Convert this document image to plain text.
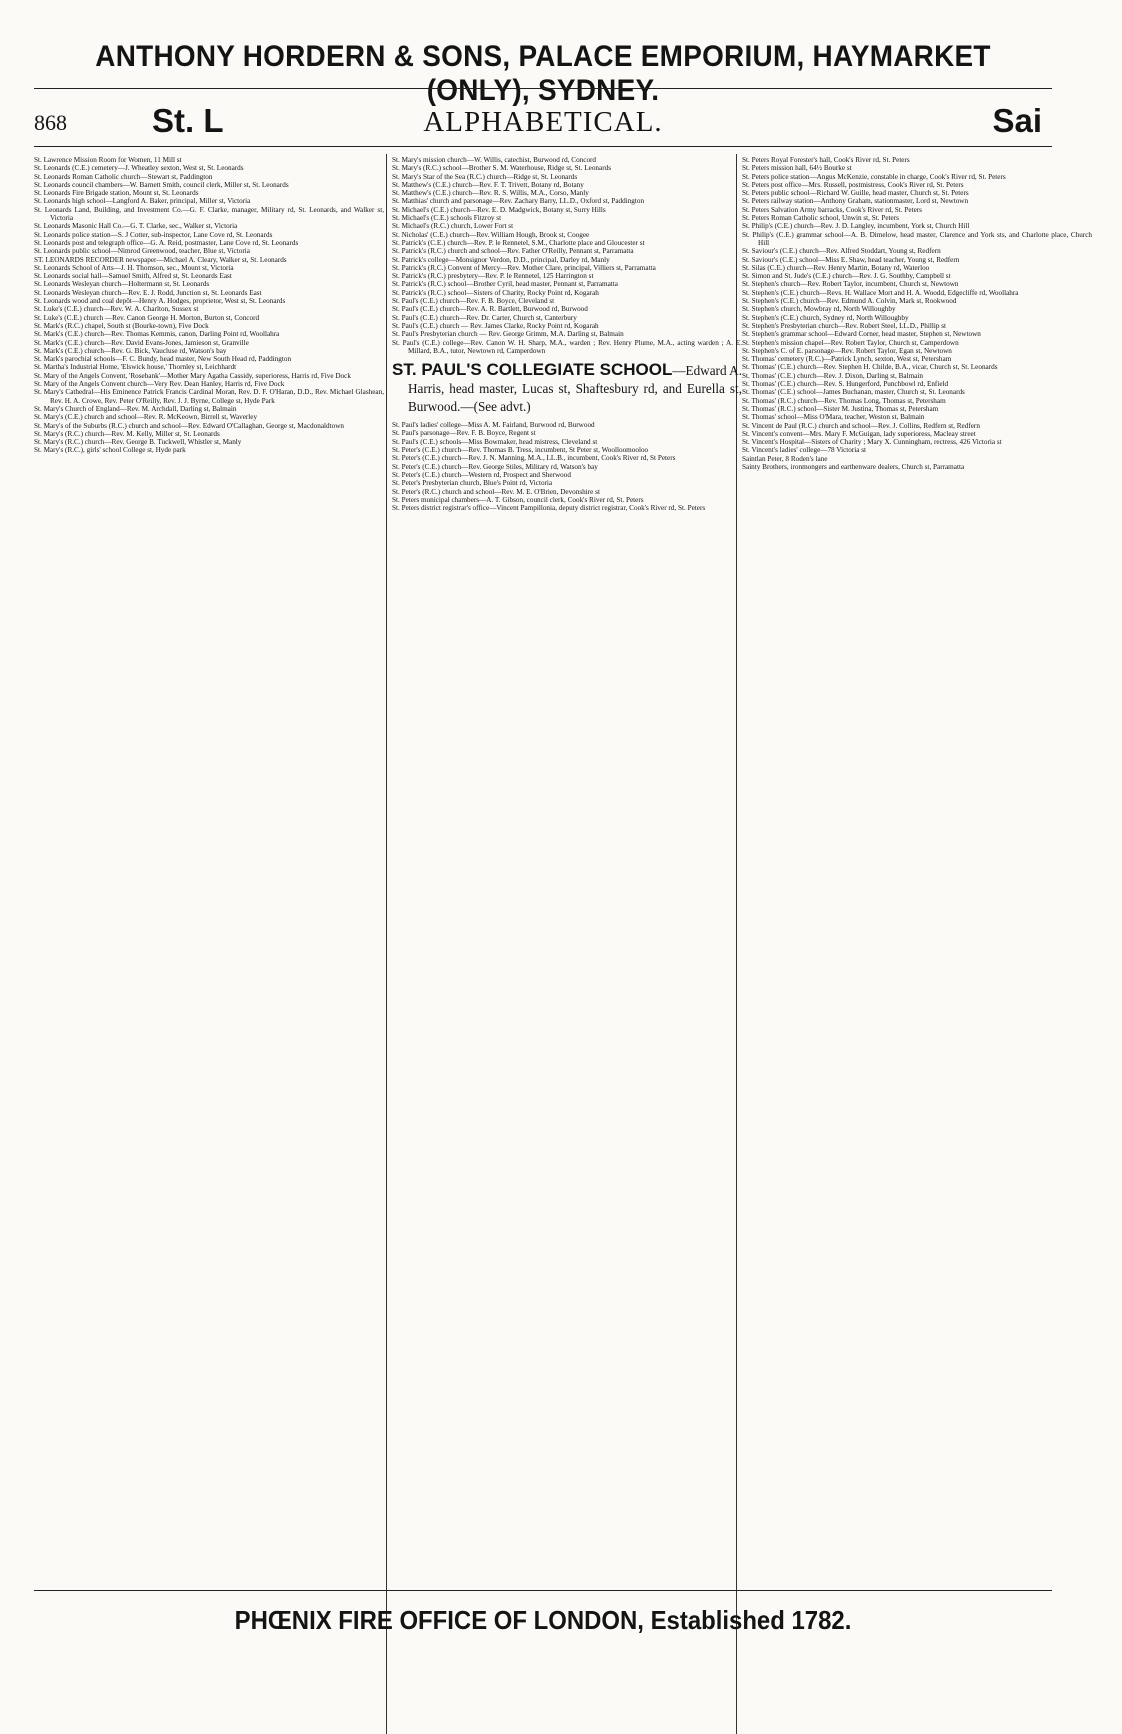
ANTHONY HORDERN & SONS, PALACE EMPORIUM, HAYMARKET (ONLY), SYDNEY.
868	St. L	ALPHABETICAL.	Sai

St. Lawrence Mission Room for Women, 11 Mill st

St. Leonards (C.E.) cemetery—J. Wheatley sexton, West st, St. Leonards

St. Leonards Roman Catholic church—Stewart st, Paddington

St. Leonards council chambers—W. Barnett Smith, council clerk, Miller st, St. Leonards

St. Leonards Fire Brigade station, Mount st, St. Leonards

St. Leonards high school—Langford A. Baker, principal, Miller st, Victoria

St. Leonards Land, Building, and Investment Co.—G. F. Clarke, manager, Military rd, St. Leonards, and Walker st, Victoria

St. Leonards Masonic Hall Co.—G. T. Clarke, sec., Walker st, Victoria

St. Leonards police station—S. J Cotter, sub-inspector, Lane Cove rd, St. Leonards

St. Leonards post and telegraph office—G. A. Reid, postmaster, Lane Cove rd, St. Leonards

St. Leonards public school—Nimrod Greenwood, teacher, Blue st, Victoria

ST. LEONARDS RECORDER newspaper—Michael A. Cleary, Walker st, St. Leonards

St. Leonards School of Arts—J. H. Thomson, sec., Mount st, Victoria

St. Leonards social hall—Samuel Smith, Alfred st, St. Leonards East

St. Leonards Wesleyan church—Holtermann st, St. Leonards

St. Leonards Wesleyan church—Rev. E. J. Rodd, Junction st, St. Leonards East

St. Leonards wood and coal depôt—Henry A. Hodges, proprietor, West st, St. Leonards

St. Luke's (C.E.) church—Rev. W. A. Charlton, Sussex st

St. Luke's (C.E.) church —Rev. Canon George H. Morton, Burton st, Concord

St. Mark's (R.C.) chapel, South st (Bourke-town), Five Dock

St. Mark's (C.E.) church—Rev. Thomas Kemmis, canon, Darling Point rd, Woollahra

St. Mark's (C.E.) church—Rev. David Evans-Jones, Jamieson st, Granville

St. Mark's (C.E.) church—Rev. G. Bick, Vaucluse rd, Watson's bay

St. Mark's parochial schools—F. C. Bundy, head master, New South Head rd, Paddington

St. Martha's Industrial Home, 'Elswick house,' Thornley st, Leichhardt

St. Mary of the Angels Convent, 'Rosebank'—Mother Mary Agatha Cassidy, superioress, Harris rd, Five Dock

St. Mary of the Angels Convent church—Very Rev. Dean Hanley, Harris rd, Five Dock

St. Mary's Cathedral—His Eminence Patrick Francis Cardinal Moran, Rev. D. F. O'Haran, D.D., Rev. Michael Glashean, Rev. H. A. Crowe, Rev. Peter O'Reilly, Rev. J. J. Byrne, College st, Hyde Park

St. Mary's Church of England—Rev. M. Archdall, Darling st, Balmain

St. Mary's (C.E.) church and school—Rev. R. McKeown, Birrell st, Waverley

St. Mary's of the Suburbs (R.C.) church and school—Rev. Edward O'Callaghan, George st, Macdonaldtown

St. Mary's (R.C.) church—Rev. M. Kelly, Miller st, St. Leonards

St. Mary's (R.C.) church—Rev. George B. Tuckwell, Whistler st, Manly

St. Mary's (R.C.), girls' school College st, Hyde park

St. Mary's mission church—W. Willis, catechist, Burwood rd, Concord

St. Mary's (R.C.) school—Brother S. M. Waterhouse, Ridge st, St. Leonards

St. Mary's Star of the Sea (R.C.) church—Ridge st, St. Leonards

St. Matthew's (C.E.) church—Rev. F. T. Trivett, Botany rd, Botany

St. Matthew's (C.E.) church—Rev. R. S. Willis, M.A., Corso, Manly

St. Matthias' church and parsonage—Rev. Zachary Barry, LL.D., Oxford st, Paddington

St. Michael's (C.E.) church—Rev. E. D. Madgwick, Botany st, Surry Hills

St. Michael's (C.E.) schools Fitzroy st

St. Michael's (R.C.) church, Lower Fort st

St. Nicholas' (C.E.) church—Rev. William Hough, Brook st, Coogee

St. Patrick's (C.E.) church—Rev. P. le Rennetel, S.M., Charlotte place and Gloucester st

St. Patrick's (R.C.) church and school—Rev. Father O'Reilly, Pennant st, Parramatta

St. Patrick's college—Monsignor Verdon, D.D., principal, Darley rd, Manly

St. Patrick's (R.C.) Convent of Mercy—Rev. Mother Clare, principal, Villiers st, Parramatta

St. Patrick's (R.C.) presbytery—Rev. P. le Rennetel, 125 Harrington st

St. Patrick's (R.C.) school—Brother Cyril, head master, Pennant st, Parramatta

St. Patrick's (R.C.) school—Sisters of Charity, Rocky Point rd, Kogarah

St. Paul's (C.E.) church—Rev. F. B. Boyce, Cleveland st

St. Paul's (C.E.) church—Rev. A. R. Bartlett, Burwood rd, Burwood

St. Paul's (C.E.) church—Rev. Dr. Carter, Church st, Canterbury

St. Paul's (C.E.) church — Rev. James Clarke, Rocky Point rd, Kogarah

St. Paul's Presbyterian church — Rev. George Grimm, M.A. Darling st, Balmain

St. Paul's (C.E.) college—Rev. Canon W. H. Sharp, M.A., warden ; Rev. Henry Plume, M.A., acting warden ; A. E. Millard, B.A., tutor, Newtown rd, Camperdown

ST. PAUL'S COLLEGIATE SCHOOL—Edward A. Harris, head master, Lucas st, Shaftesbury rd, and Eurella st, Burwood.—(See advt.)

St. Paul's ladies' college—Miss A. M. Fairland, Burwood rd, Burwood

St. Paul's parsonage—Rev. F. B. Boyce, Regent st

St. Paul's (C.E.) schools—Miss Bowmaker, head mistress, Cleveland st

St. Peter's (C.E.) church—Rev. Thomas B. Tress, incumbent, St Peter st, Woolloomooloo

St. Peter's (C.E.) church—Rev. J. N. Manning, M.A., LL.B., incumbent, Cook's River rd, St Peters

St. Peter's (C.E.) church—Rev. George Stiles, Military rd, Watson's bay

St. Peter's (C.E.) church—Western rd, Prospect and Sherwood

St. Peter's Presbyterian church, Blue's Point rd, Victoria

St. Peter's (R.C.) church and school—Rev. M. E. O'Brien, Devonshire st

St. Peters municipal chambers—A. T. Gibson, council clerk, Cook's River rd, St. Peters

St. Peters district registrar's office—Vincent Pampillonia, deputy district registrar, Cook's River rd, St. Peters

St. Peters Royal Forester's hall, Cook's River rd, St. Peters

St. Peters mission hall, 64½ Bourke st

St. Peters police station—Angus McKenzie, constable in charge, Cook's River rd, St. Peters

St. Peters post office—Mrs. Russell, postmistress, Cook's River rd, St. Peters

St. Peters public school—Richard W. Guille, head master, Church st, St. Peters

St. Peters railway station—Anthony Graham, stationmaster, Lord st, Newtown

St. Peters Salvation Army barracks, Cook's River rd, St. Peters

St. Peters Roman Catholic school, Unwin st, St. Peters

St. Philip's (C.E.) church—Rev. J. D. Langley, incumbent, York st, Church Hill

St. Philip's (C.E.) grammar school—A. B. Dimelow, head master, Clarence and York sts, and Charlotte place, Church Hill

St. Saviour's (C.E.) church—Rev. Alfred Stoddart, Young st, Redfern

St. Saviour's (C.E.) school—Miss E. Shaw, head teacher, Young st, Redfern

St. Silas (C.E.) church—Rev. Henry Martin, Botany rd, Waterloo

St. Simon and St. Jude's (C.E.) church—Rev. J. G. Southby, Campbell st

St. Stephen's church—Rev. Robert Taylor, incumbent, Church st, Newtown

St. Stephen's (C.E.) church—Revs. H. Wallace Mort and H. A. Woodd, Edgecliffe rd, Woollahra

St. Stephen's (C.E.) church—Rev. Edmund A. Colvin, Mark st, Rookwood

St. Stephen's church, Mowbray rd, North Willoughby

St. Stephen's (C.E.) church, Sydney rd, North Willoughby

St. Stephen's Presbyterian church—Rev. Robert Steel, LL.D., Phillip st

St. Stephen's grammar school—Edward Corner, head master, Stephen st, Newtown

St. Stephen's mission chapel—Rev. Robert Taylor, Church st, Camperdown

St. Stephen's C. of E. parsonage—Rev. Robert Taylor, Egan st, Newtown

St. Thomas' cemetery (R.C.)—Patrick Lynch, sexton, West st, Petersham

St. Thomas' (C.E.) church—Rev. Stephen H. Childe, B.A., vicar, Church st, St. Leonards

St. Thomas' (C.E.) church—Rev. J. Dixon, Darling st, Balmain

St. Thomas' (C.E.) church—Rev. S. Hungerford, Punchbowl rd, Enfield

St. Thomas' (C.E.) school—James Buchanan, master, Church st, St. Leonards

St. Thomas' (R.C.) church—Rev. Thomas Long, Thomas st, Petersham

St. Thomas' (R.C.) school—Sister M. Justina, Thomas st, Petersham

St. Thomas' school—Miss O'Mara, teacher, Weston st, Balmain

St. Vincent de Paul (R.C.) church and school—Rev. J. Collins, Redfern st, Redfern

St. Vincent's convent—Mrs. Mary F. McGuigan, lady superioress, Macleay street

St. Vincent's Hospital—Sisters of Charity ; Mary X. Cunningham, rectress, 426 Victoria st

St. Vincent's ladies' college—78 Victoria st

Saintlan Peter, 8 Roden's lane

Sainty Brothers, ironmongers and earthenware dealers, Church st, Parramatta

PHŒNIX FIRE OFFICE OF LONDON, Established 1782.
